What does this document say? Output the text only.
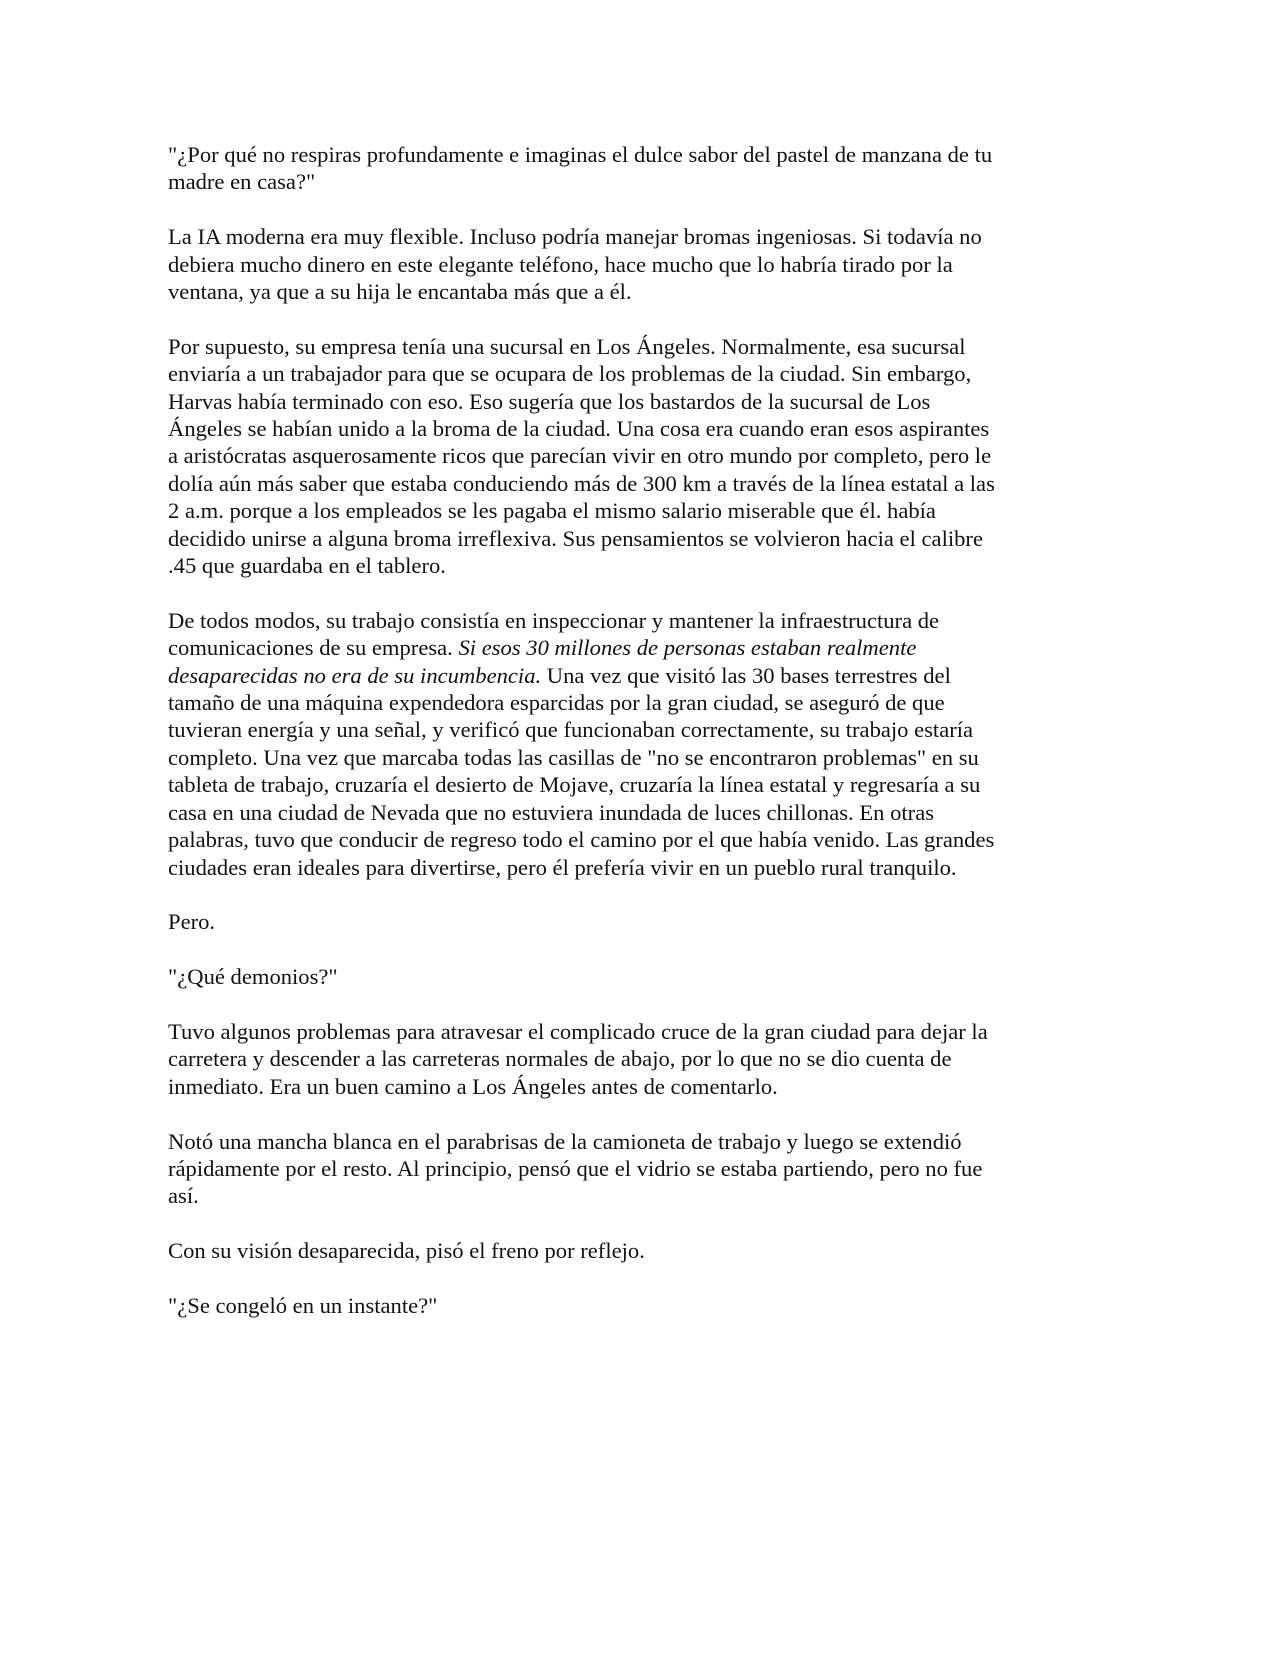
"¿Por qué no respiras profundamente e imaginas el dulce sabor del pastel de manzana de tu
madre en casa?"

La IA moderna era muy flexible. Incluso podría manejar bromas ingeniosas. Si todavía no
debiera mucho dinero en este elegante teléfono, hace mucho que lo habría tirado por la
ventana, ya que a su hija le encantaba más que a él.

Por supuesto, su empresa tenía una sucursal en Los Ángeles. Normalmente, esa sucursal
enviaría a un trabajador para que se ocupara de los problemas de la ciudad. Sin embargo,
Harvas había terminado con eso. Eso sugería que los bastardos de la sucursal de Los
Ángeles se habían unido a la broma de la ciudad. Una cosa era cuando eran esos aspirantes
a aristócratas asquerosamente ricos que parecían vivir en otro mundo por completo, pero le
dolía aún más saber que estaba conduciendo más de 300 km a través de la línea estatal a las
2 a.m. porque a los empleados se les pagaba el mismo salario miserable que él. había
decidido unirse a alguna broma irreflexiva. Sus pensamientos se volvieron hacia el calibre
.45 que guardaba en el tablero.

De todos modos, su trabajo consistía en inspeccionar y mantener la infraestructura de
comunicaciones de su empresa. Si esos 30 millones de personas estaban realmente
desaparecidas no era de su incumbencia. Una vez que visitó las 30 bases terrestres del
tamaño de una máquina expendedora esparcidas por la gran ciudad, se aseguró de que
tuvieran energía y una señal, y verificó que funcionaban correctamente, su trabajo estaría
completo. Una vez que marcaba todas las casillas de "no se encontraron problemas" en su
tableta de trabajo, cruzaría el desierto de Mojave, cruzaría la línea estatal y regresaría a su
casa en una ciudad de Nevada que no estuviera inundada de luces chillonas. En otras
palabras, tuvo que conducir de regreso todo el camino por el que había venido. Las grandes
ciudades eran ideales para divertirse, pero él prefería vivir en un pueblo rural tranquilo.

Pero.

"¿Qué demonios?"

Tuvo algunos problemas para atravesar el complicado cruce de la gran ciudad para dejar la
carretera y descender a las carreteras normales de abajo, por lo que no se dio cuenta de
inmediato. Era un buen camino a Los Ángeles antes de comentarlo.

Notó una mancha blanca en el parabrisas de la camioneta de trabajo y luego se extendió
rápidamente por el resto. Al principio, pensó que el vidrio se estaba partiendo, pero no fue
así.

Con su visión desaparecida, pisó el freno por reflejo.

"¿Se congeló en un instante?"
